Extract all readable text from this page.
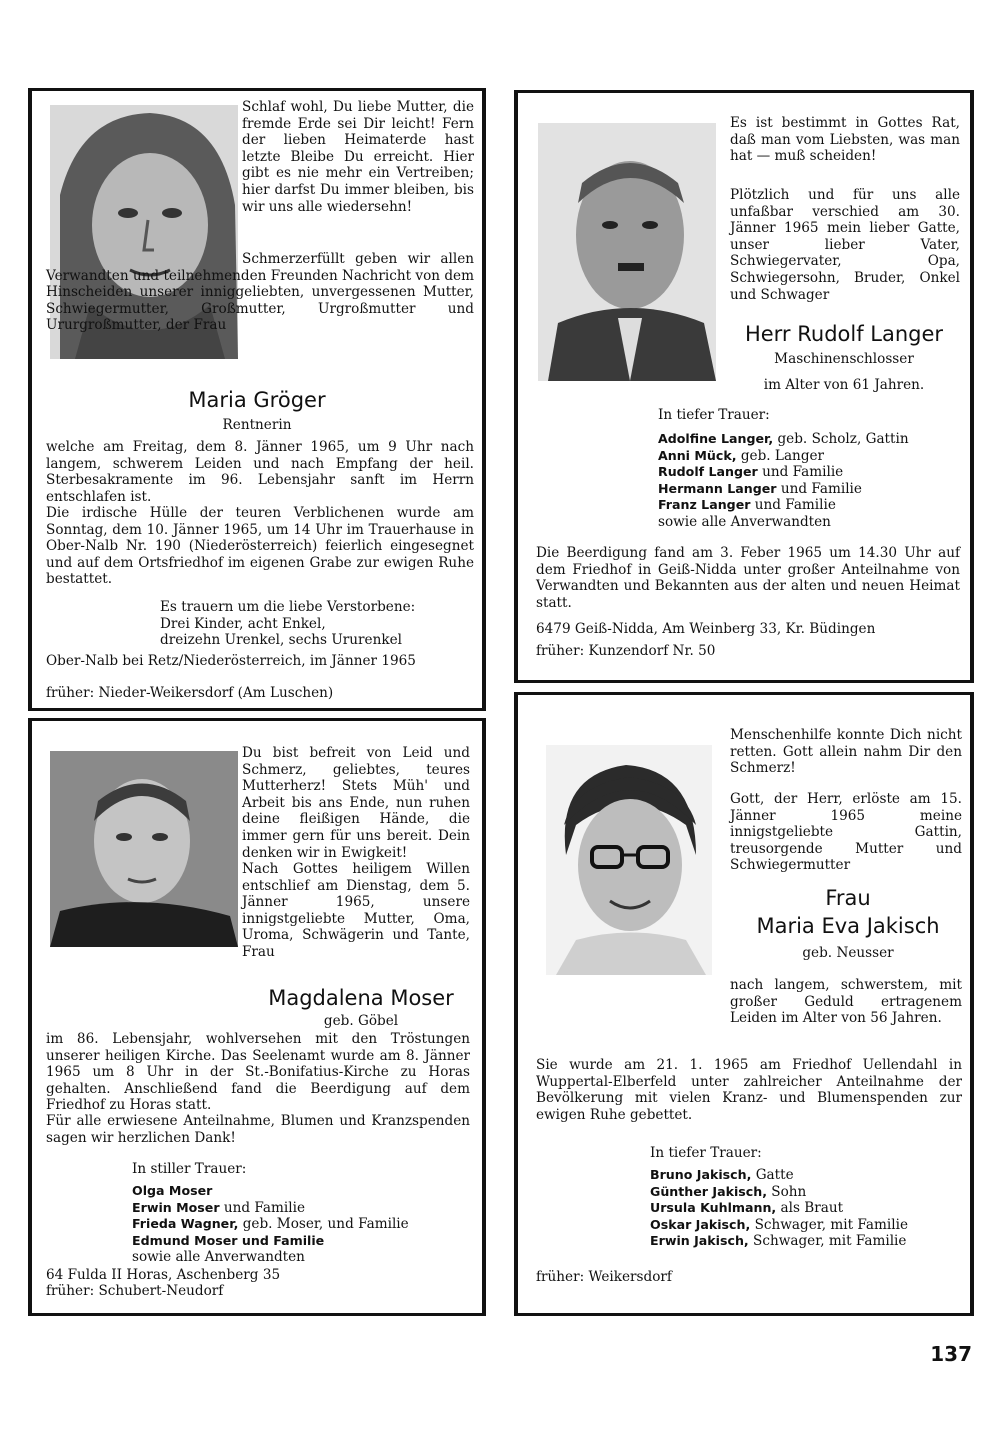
Schlaf wohl, Du liebe Mutter, die fremde Erde sei Dir leicht! Fern der lieben Heimaterde hast letzte Bleibe Du erreicht. Hier gibt es nie mehr ein Vertreiben; hier darfst Du immer bleiben, bis wir uns alle wiedersehn!
Schmerzerfüllt geben wir allen Verwandten und teilnehmenden Freunden Nachricht von dem Hinscheiden unserer inniggeliebten, unvergessenen Mutter, Schwiegermutter, Großmutter, Urgroßmutter und Ururgroßmutter, der Frau
Maria Gröger
Rentnerin
welche am Freitag, dem 8. Jänner 1965, um 9 Uhr nach langem, schwerem Leiden und nach Empfang der heil. Sterbesakramente im 96. Lebensjahr sanft im Herrn entschlafen ist.
Die irdische Hülle der teuren Verblichenen wurde am Sonntag, dem 10. Jänner 1965, um 14 Uhr im Trauerhause in Ober-Nalb Nr. 190 (Niederösterreich) feierlich eingesegnet und auf dem Ortsfriedhof im eigenen Grabe zur ewigen Ruhe bestattet.
Es trauern um die liebe Verstorbene:
Drei Kinder, acht Enkel,
dreizehn Urenkel, sechs Ururenkel
Ober-Nalb bei Retz/Niederösterreich, im Jänner 1965
früher: Nieder-Weikersdorf (Am Luschen)
Es ist bestimmt in Gottes Rat, daß man vom Liebsten, was man hat — muß scheiden!
Plötzlich und für uns alle unfaßbar verschied am 30. Jänner 1965 mein lieber Gatte, unser lieber Vater, Schwiegervater, Opa, Schwiegersohn, Bruder, Onkel und Schwager
Herr Rudolf Langer
Maschinenschlosser
im Alter von 61 Jahren.
In tiefer Trauer:
Adolfine Langer, geb. Scholz, Gattin
Anni Mück, geb. Langer
Rudolf Langer und Familie
Hermann Langer und Familie
Franz Langer und Familie
sowie alle Anverwandten
Die Beerdigung fand am 3. Feber 1965 um 14.30 Uhr auf dem Friedhof in Geiß-Nidda unter großer Anteilnahme von Verwandten und Bekannten aus der alten und neuen Heimat statt.
6479 Geiß-Nidda, Am Weinberg 33, Kr. Büdingen
früher: Kunzendorf Nr. 50
Du bist befreit von Leid und Schmerz, geliebtes, teures Mutterherz! Stets Müh' und Arbeit bis ans Ende, nun ruhen deine fleißigen Hände, die immer gern für uns bereit. Dein denken wir in Ewigkeit!
Nach Gottes heiligem Willen entschlief am Dienstag, dem 5. Jänner 1965, unsere innigstgeliebte Mutter, Oma, Uroma, Schwägerin und Tante, Frau
Magdalena Moser
geb. Göbel
im 86. Lebensjahr, wohlversehen mit den Tröstungen unserer heiligen Kirche. Das Seelenamt wurde am 8. Jänner 1965 um 8 Uhr in der St.-Bonifatius-Kirche zu Horas gehalten. Anschließend fand die Beerdigung auf dem Friedhof zu Horas statt.
Für alle erwiesene Anteilnahme, Blumen und Kranzspenden sagen wir herzlichen Dank!
In stiller Trauer:
Olga Moser
Erwin Moser und Familie
Frieda Wagner, geb. Moser, und Familie
Edmund Moser und Familie
sowie alle Anverwandten
64 Fulda II Horas, Aschenberg 35
früher: Schubert-Neudorf
Menschenhilfe konnte Dich nicht retten. Gott allein nahm Dir den Schmerz!
Gott, der Herr, erlöste am 15. Jänner 1965 meine innigstgeliebte Gattin, treusorgende Mutter und Schwiegermutter
Frau
Maria Eva Jakisch
geb. Neusser
nach langem, schwerstem, mit großer Geduld ertragenem Leiden im Alter von 56 Jahren.
Sie wurde am 21. 1. 1965 am Friedhof Uellendahl in Wuppertal-Elberfeld unter zahlreicher Anteilnahme der Bevölkerung mit vielen Kranz- und Blumenspenden zur ewigen Ruhe gebettet.
In tiefer Trauer:
Bruno Jakisch, Gatte
Günther Jakisch, Sohn
Ursula Kuhlmann, als Braut
Oskar Jakisch, Schwager, mit Familie
Erwin Jakisch, Schwager, mit Familie
früher: Weikersdorf
137
